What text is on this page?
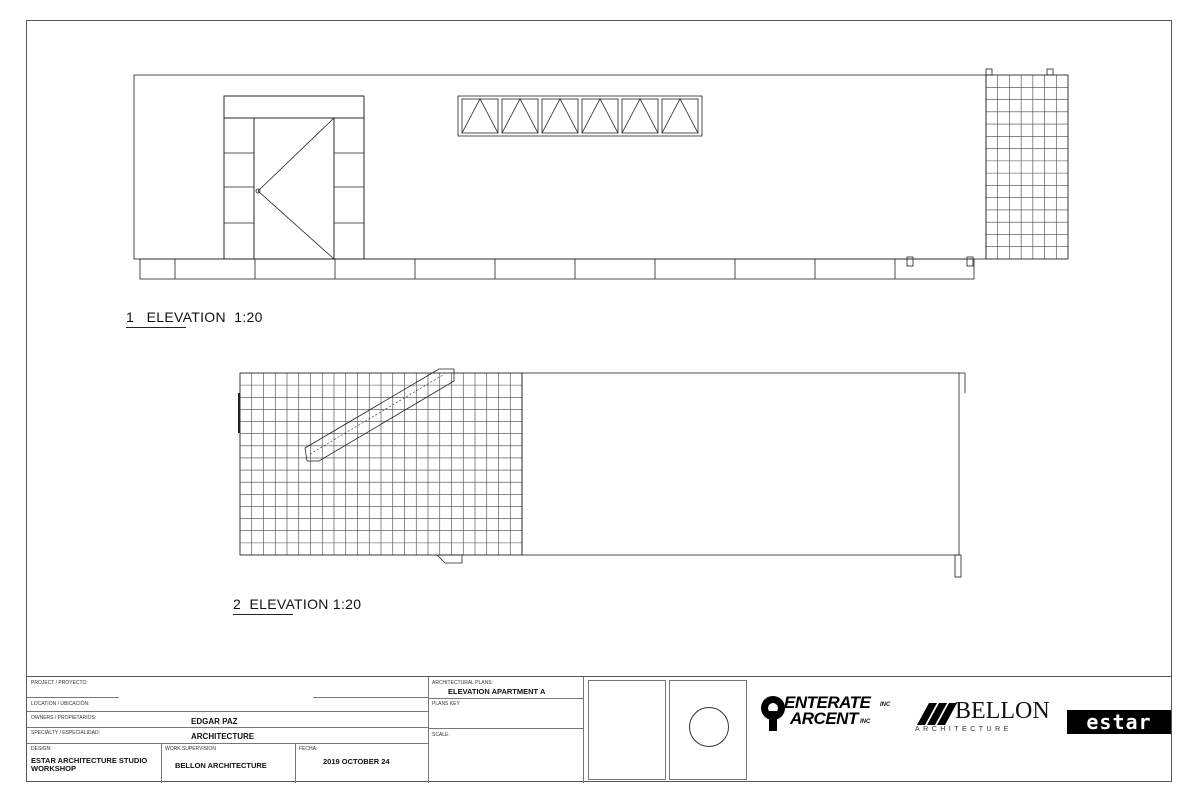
1 ELEVATION 1:20
2 ELEVATION 1:20
PROJECT / PROYECTO:
LOCATION / UBICACIÓN:
OWNERS / PROPIETARIOS:	EDGAR PAZ
SPECIALTY / ESPECIALIDAD:	ARCHITECTURE
DESIGN:
ESTAR ARCHITECTURE STUDIO
WORKSHOP
WORK SUPERVISION
BELLON ARCHITECTURE
FECHA:
2019 OCTOBER 24
ARCHITECTURAL PLANS:
ELEVATION APARTMENT A
PLANS KEY
SCALE:
ENTERATE INC
ARCENT INC	BELLON
ARCHITECTURE	estar
